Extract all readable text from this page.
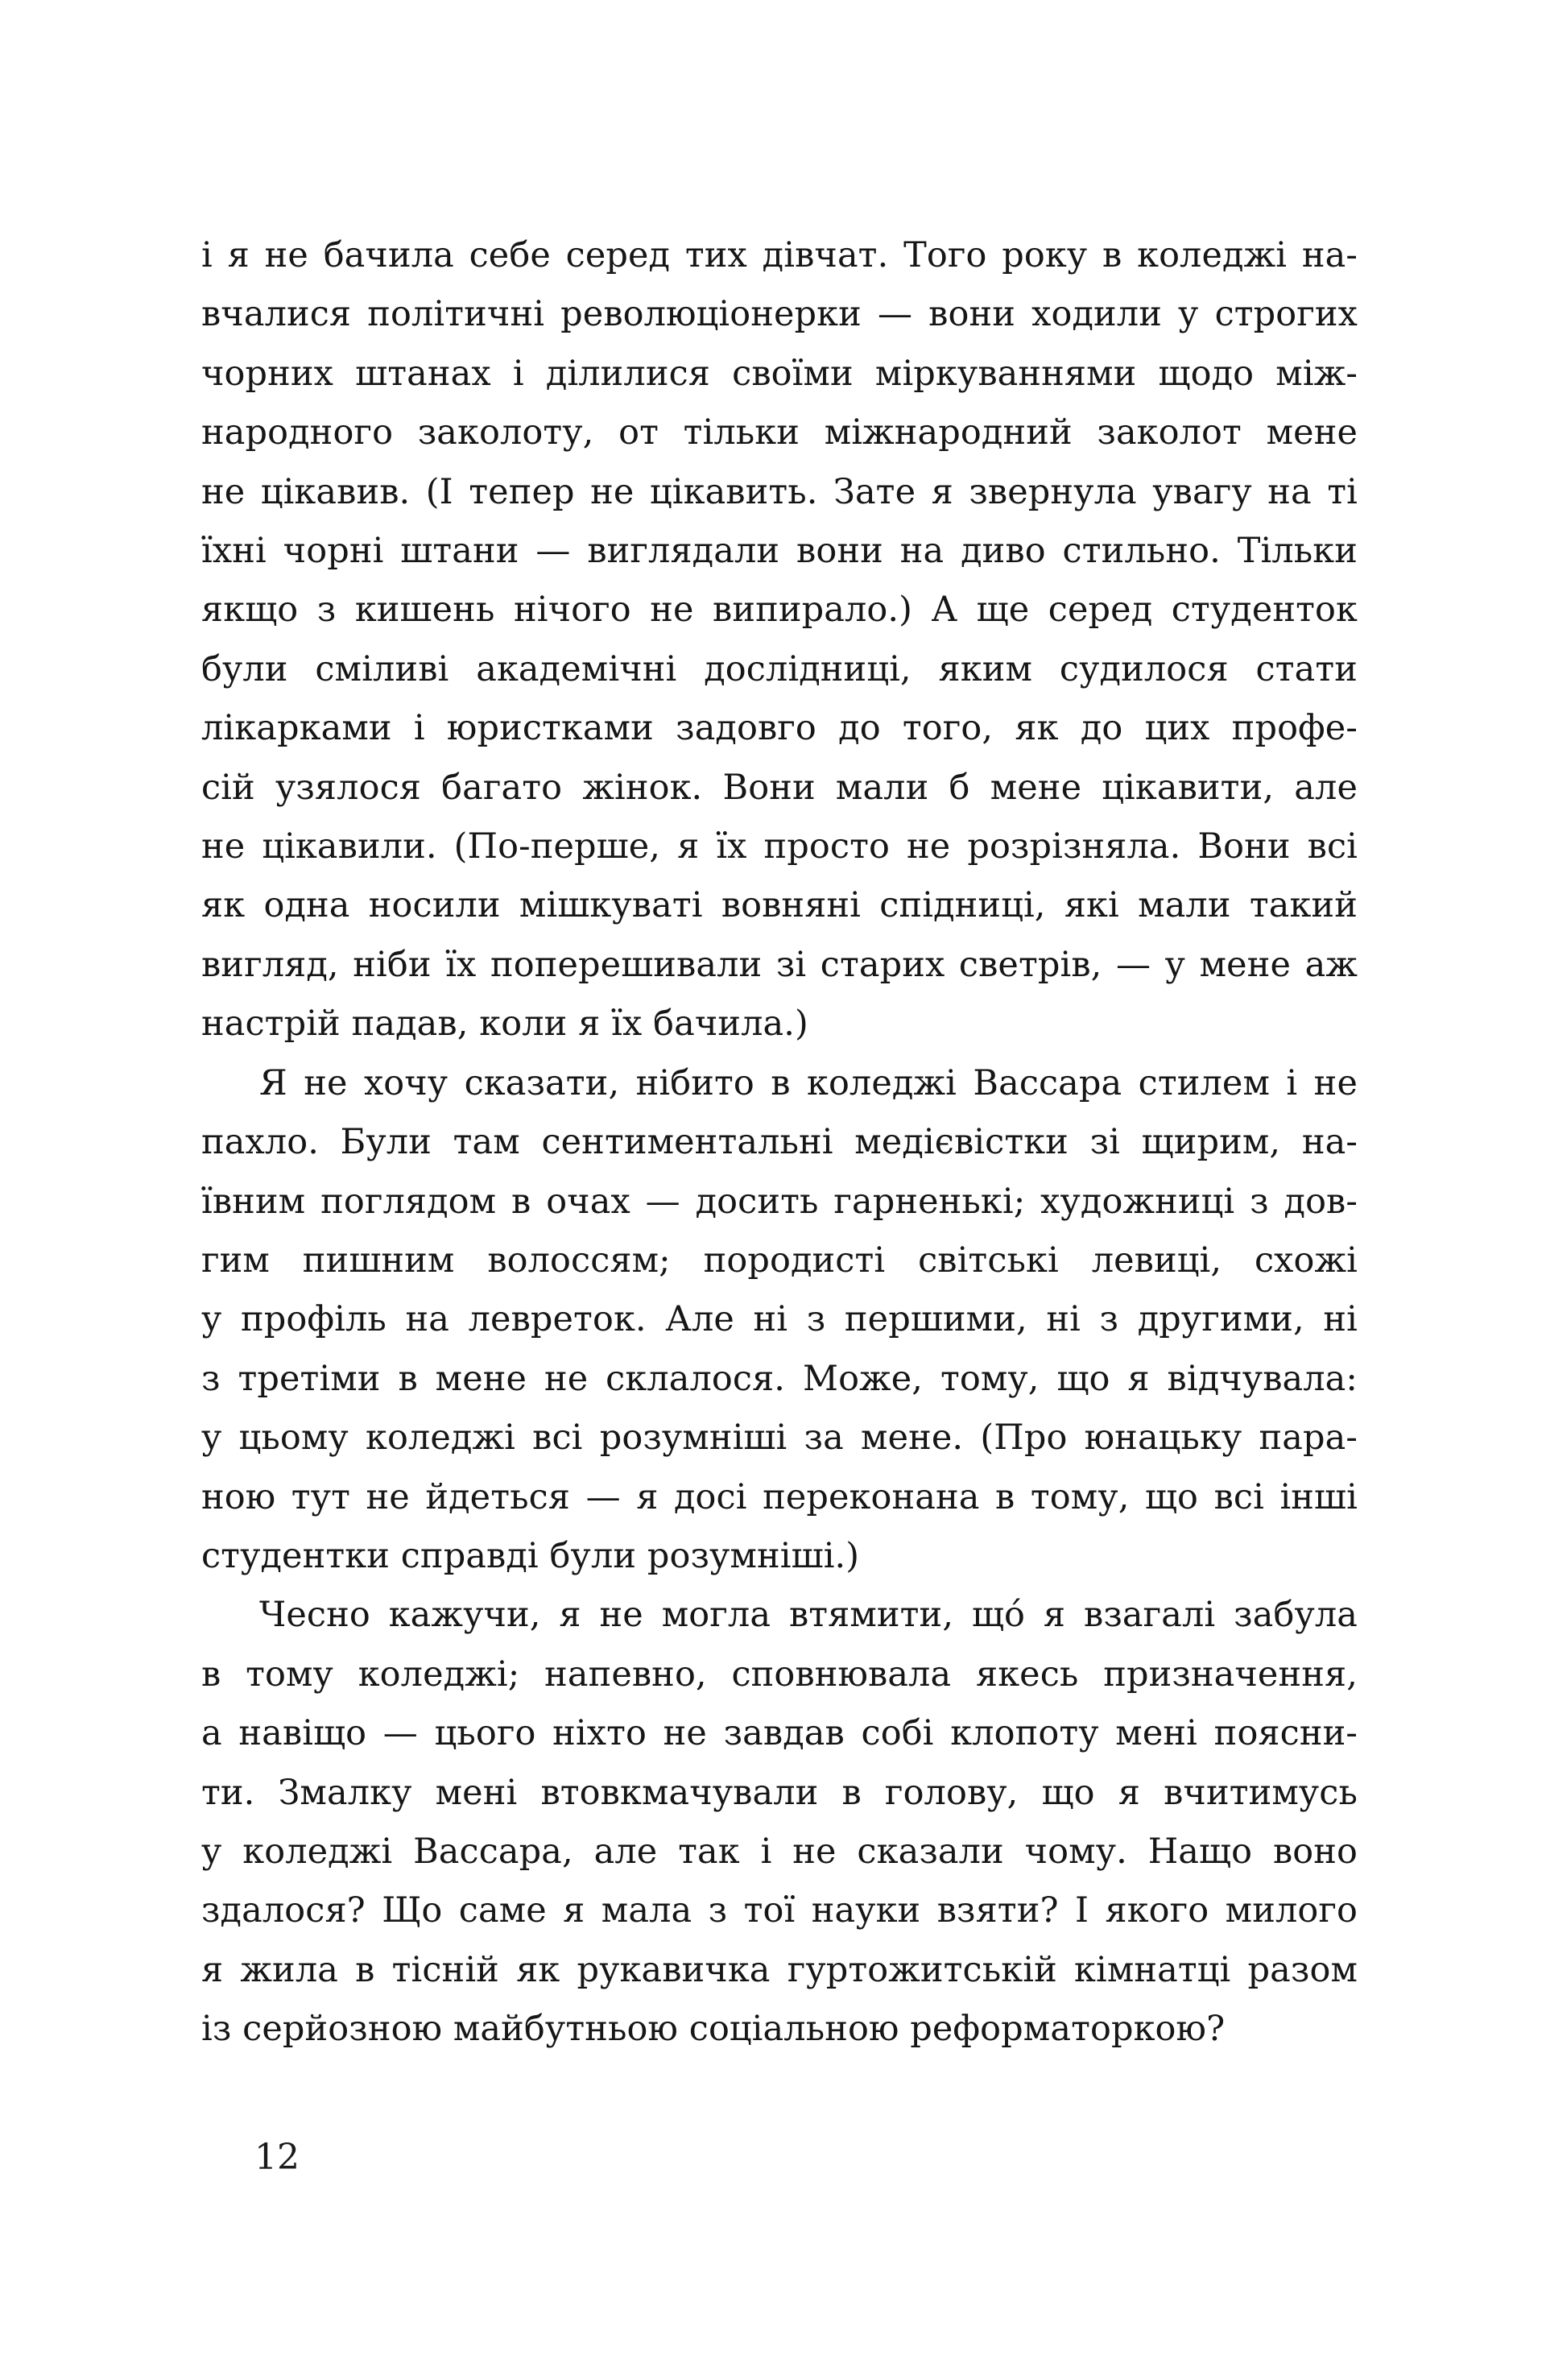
і я не бачила себе серед тих дівчат. Того року в коледжі на-
вчалися політичні революціонерки — вони ходили у строгих
чорних штанах і ділилися своїми міркуваннями щодо між-
народного заколоту, от тільки міжнародний заколот мене
не цікавив. (І тепер не цікавить. Зате я звернула увагу на ті
їхні чорні штани — виглядали вони на диво стильно. Тільки
якщо з кишень нічого не випирало.) А ще серед студенток
були сміливі академічні дослідниці, яким судилося стати
лікарками і юристками задовго до того, як до цих профе-
сій узялося багато жінок. Вони мали б мене цікавити, але
не цікавили. (По-перше, я їх просто не розрізняла. Вони всі
як одна носили мішкуваті вовняні спідниці, які мали такий
вигляд, ніби їх поперешивали зі старих светрів, — у мене аж
настрій падав, коли я їх бачила.)
Я не хочу сказати, нібито в коледжі Вассара стилем і не
пахло. Були там сентиментальні медієвістки зі щирим, на-
ївним поглядом в очах — досить гарненькі; художниці з дов-
гим пишним волоссям; породисті світські левиці, схожі
у профіль на левреток. Але ні з першими, ні з другими, ні
з третіми в мене не склалося. Може, тому, що я відчувала:
у цьому коледжі всі розумніші за мене. (Про юнацьку пара-
ною тут не йдеться — я досі переконана в тому, що всі інші
студентки справді були розумніші.)
Чесно кажучи, я не могла втямити, щó я взагалі забула
в тому коледжі; напевно, сповнювала якесь призначення,
а навіщо — цього ніхто не завдав собі клопоту мені поясни-
ти. Змалку мені втовкмачували в голову, що я вчитимусь
у коледжі Вассара, але так і не сказали чому. Нащо воно
здалося? Що саме я мала з тої науки взяти? І якого милого
я жила в тісній як рукавичка гуртожитській кімнатці разом
із серйозною майбутньою соціальною реформаторкою?
12
